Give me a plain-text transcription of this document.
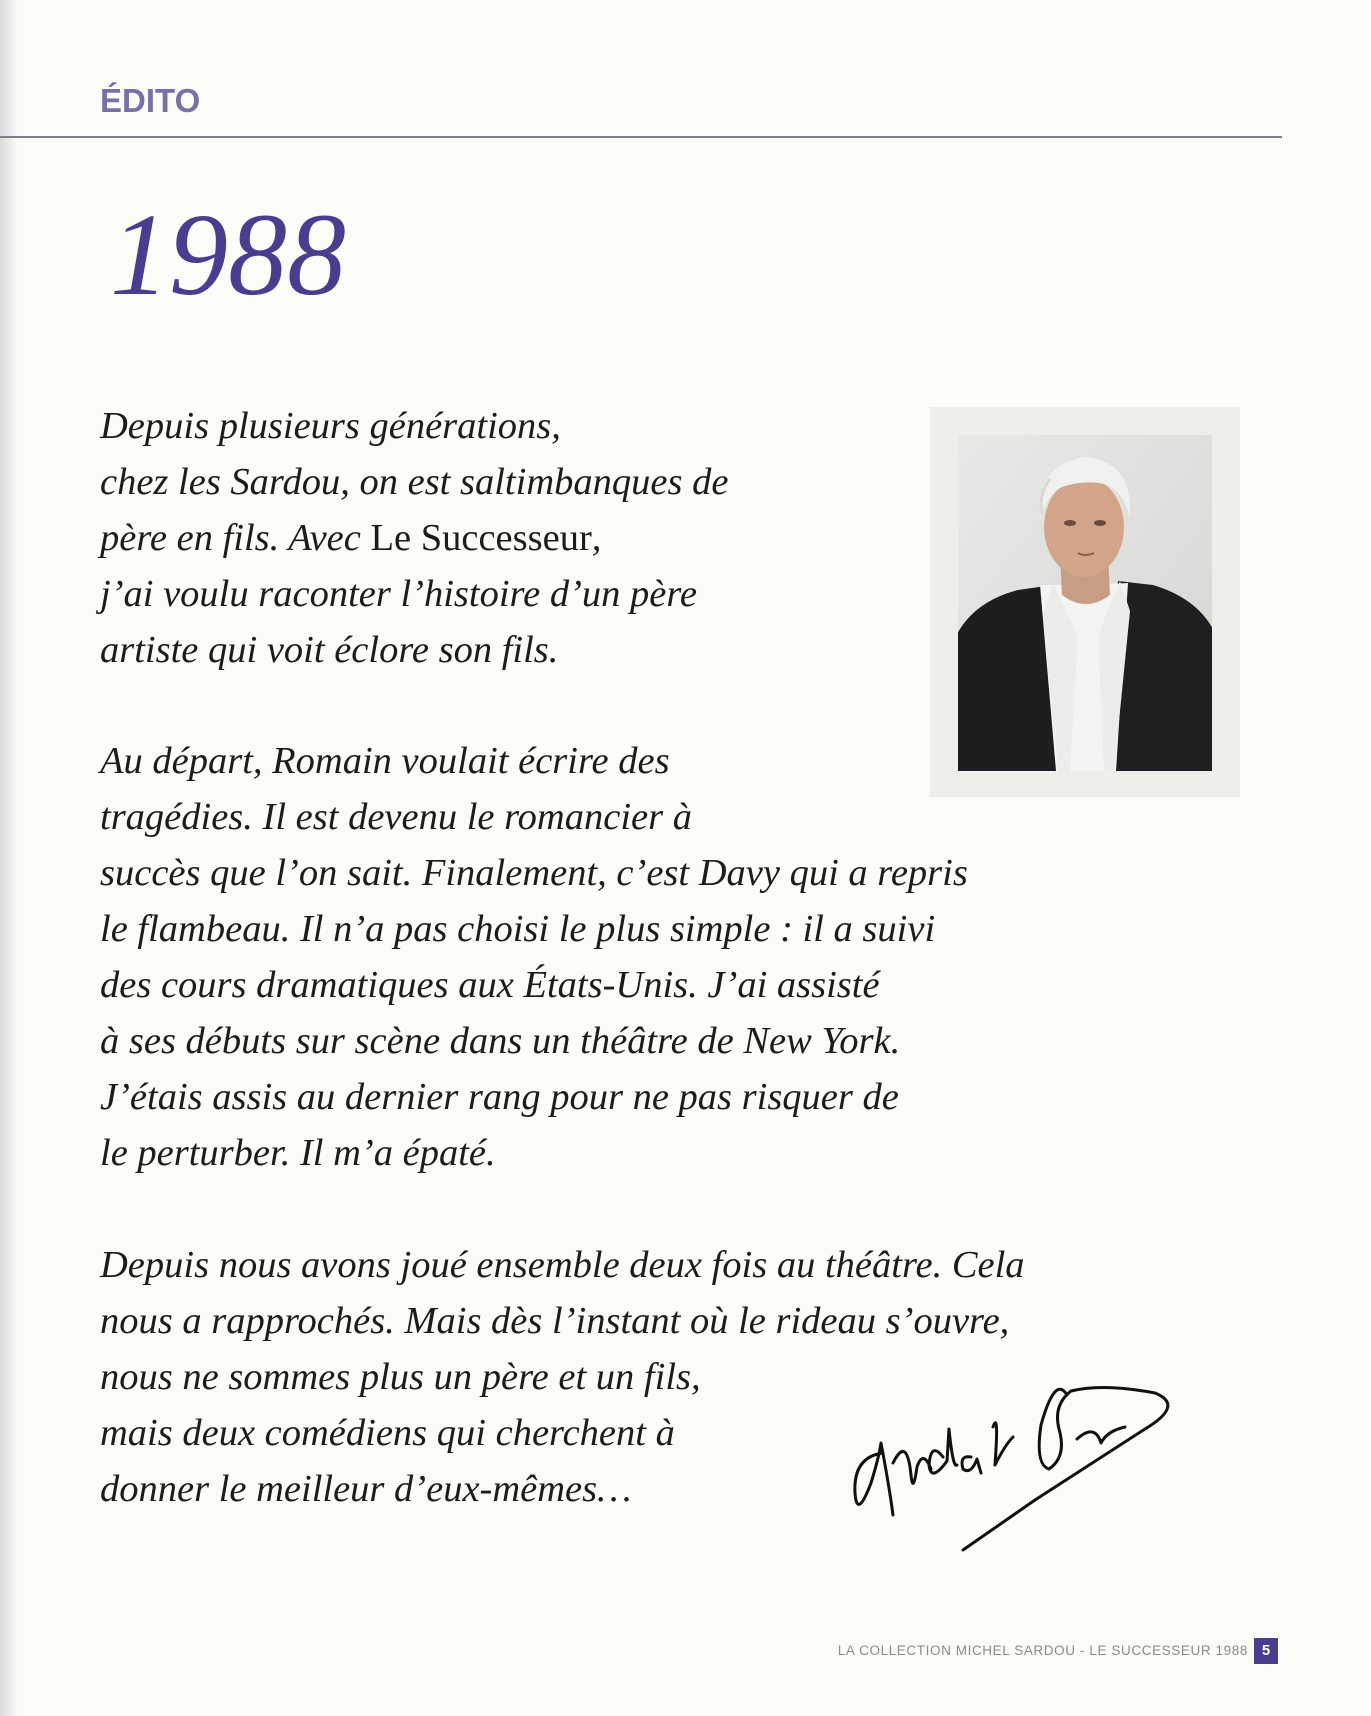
ÉDITO
1988

Depuis plusieurs générations,
chez les Sardou, on est saltimbanques de
père en fils. Avec Le Successeur,
j’ai voulu raconter l’histoire d’un père
artiste qui voit éclore son fils.

Au départ, Romain voulait écrire des
tragédies. Il est devenu le romancier à
succès que l’on sait. Finalement, c’est Davy qui a repris
le flambeau. Il n’a pas choisi le plus simple : il a suivi
des cours dramatiques aux États-Unis. J’ai assisté
à ses débuts sur scène dans un théâtre de New York.
J’étais assis au dernier rang pour ne pas risquer de
le perturber. Il m’a épaté.

Depuis nous avons joué ensemble deux fois au théâtre. Cela
nous a rapprochés. Mais dès l’instant où le rideau s’ouvre,
nous ne sommes plus un père et un fils,
mais deux comédiens qui cherchent à
donner le meilleur d’eux-mêmes…

LA COLLECTION MICHEL SARDOU - LE SUCCESSEUR 1988 5
